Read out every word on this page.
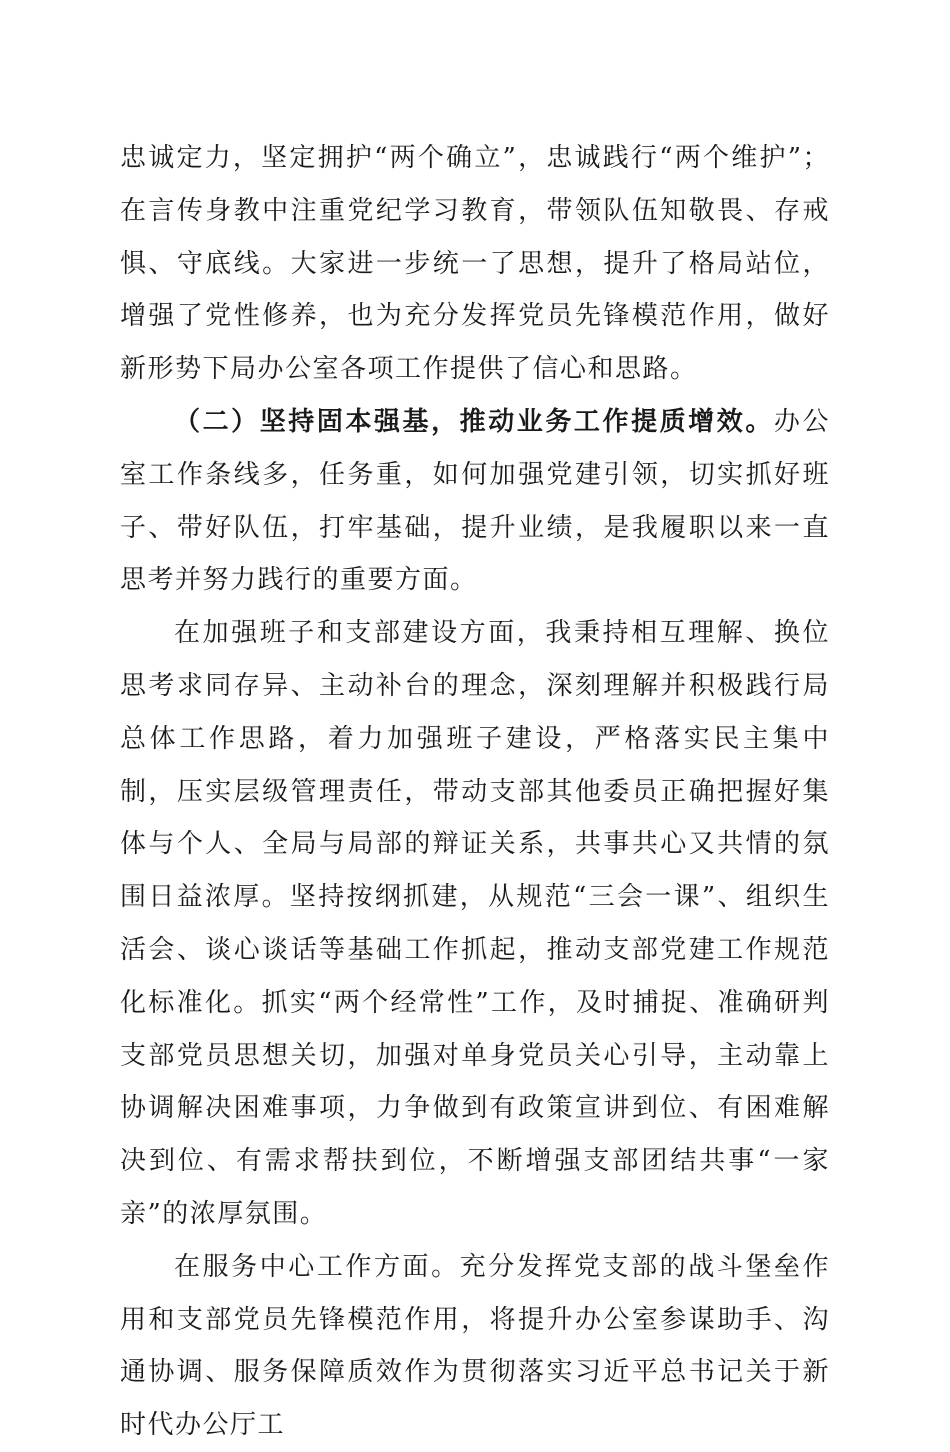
忠诚定力，坚定拥护“两个确立”，忠诚践行“两个维护”；在言传身教中注重党纪学习教育，带领队伍知敬畏、存戒惧、守底线。大家进一步统一了思想，提升了格局站位，增强了党性修养，也为充分发挥党员先锋模范作用，做好新形势下局办公室各项工作提供了信心和思路。

（二）坚持固本强基，推动业务工作提质增效。办公室工作条线多，任务重，如何加强党建引领，切实抓好班子、带好队伍，打牢基础，提升业绩，是我履职以来一直思考并努力践行的重要方面。

在加强班子和支部建设方面，我秉持相互理解、换位思考求同存异、主动补台的理念，深刻理解并积极践行局总体工作思路，着力加强班子建设，严格落实民主集中制，压实层级管理责任，带动支部其他委员正确把握好集体与个人、全局与局部的辩证关系，共事共心又共情的氛围日益浓厚。坚持按纲抓建，从规范“三会一课”、组织生活会、谈心谈话等基础工作抓起，推动支部党建工作规范化标准化。抓实“两个经常性”工作，及时捕捉、准确研判支部党员思想关切，加强对单身党员关心引导，主动靠上协调解决困难事项，力争做到有政策宣讲到位、有困难解决到位、有需求帮扶到位，不断增强支部团结共事“一家亲”的浓厚氛围。

在服务中心工作方面。充分发挥党支部的战斗堡垒作用和支部党员先锋模范作用，将提升办公室参谋助手、沟通协调、服务保障质效作为贯彻落实习近平总书记关于新时代办公厅工
